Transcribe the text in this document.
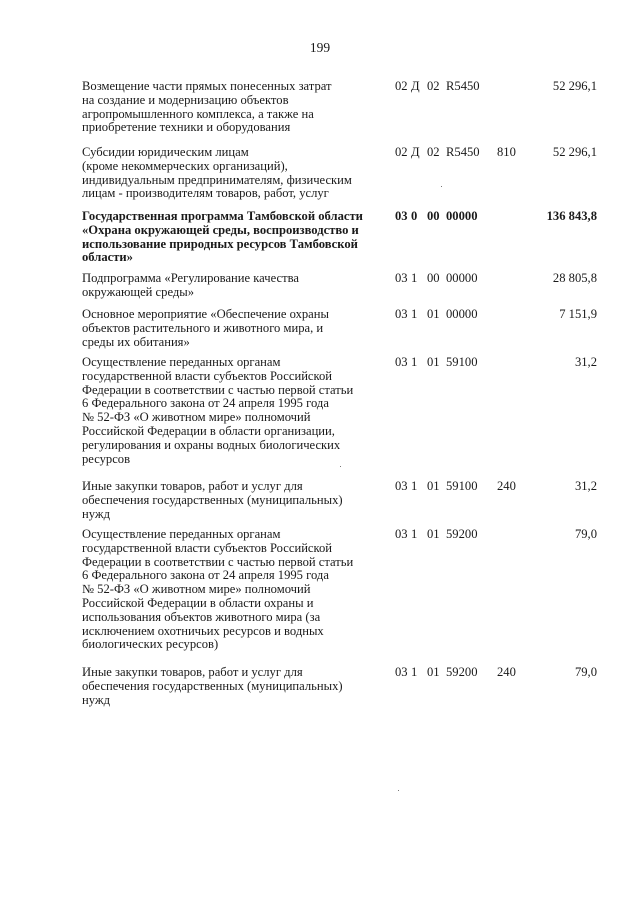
199
Возмещение части прямых понесенных затрат
на создание и модернизацию объектов
агропромышленного комплекса, а также на
приобретение техники и оборудования
02 Д 02 R5450	52 296,1
Субсидии юридическим лицам
(кроме некоммерческих организаций),
индивидуальным предпринимателям, физическим
лицам - производителям товаров, работ, услуг
02 Д 02 R5450 810	52 296,1
Государственная программа Тамбовской области
«Охрана окружающей среды, воспроизводство и
использование природных ресурсов Тамбовской
области»
03 0 00 00000	136 843,8
Подпрограмма «Регулирование качества
окружающей среды»
03 1 00 00000	28 805,8
Основное мероприятие «Обеспечение охраны
объектов растительного и животного мира, и
среды их обитания»
03 1 01 00000	7 151,9
Осуществление переданных органам
государственной власти субъектов Российской
Федерации в соответствии с частью первой статьи
6 Федерального закона от 24 апреля 1995 года
№ 52-ФЗ «О животном мире» полномочий
Российской Федерации в области организации,
регулирования и охраны водных биологических
ресурсов
03 1 01 59100	31,2
Иные закупки товаров, работ и услуг для
обеспечения государственных (муниципальных)
нужд
03 1 01 59100 240	31,2
Осуществление переданных органам
государственной власти субъектов Российской
Федерации в соответствии с частью первой статьи
6 Федерального закона от 24 апреля 1995 года
№ 52-ФЗ «О животном мире» полномочий
Российской Федерации в области охраны и
использования объектов животного мира (за
исключением охотничьих ресурсов и водных
биологических ресурсов)
03 1 01 59200	79,0
Иные закупки товаров, работ и услуг для
обеспечения государственных (муниципальных)
нужд
03 1 01 59200 240	79,0
